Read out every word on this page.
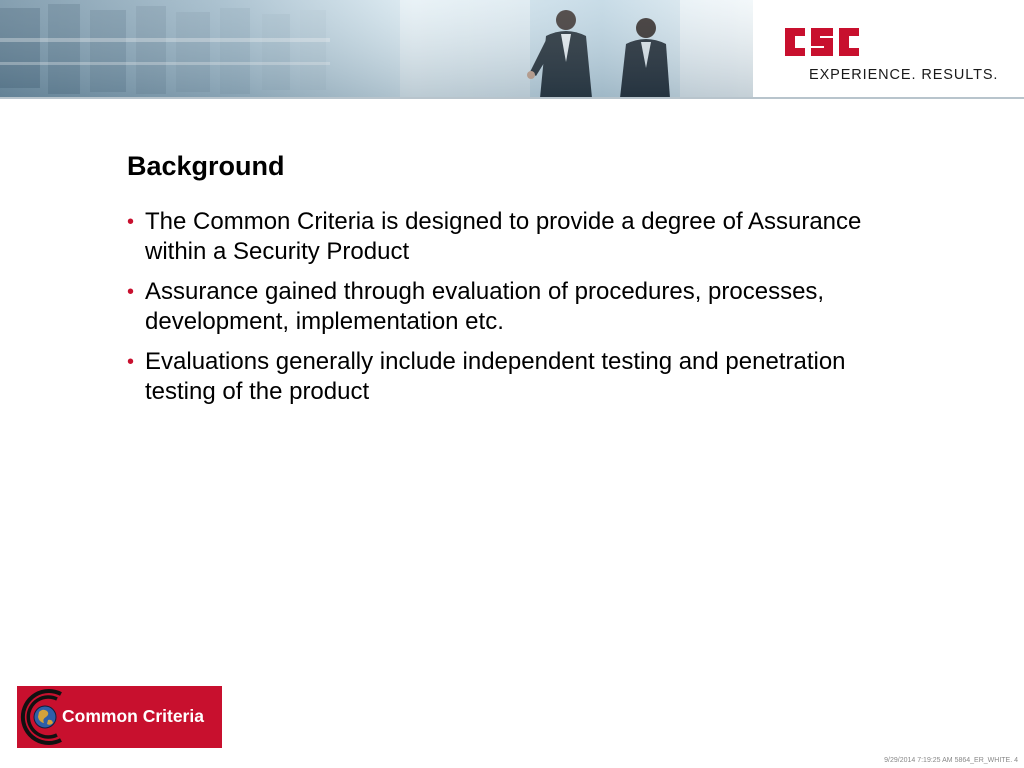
EXPERIENCE. RESULTS.
Background
• The Common Criteria is designed to provide a degree of Assurance within a Security Product
• Assurance gained through evaluation of procedures, processes, development, implementation etc.
• Evaluations generally include independent testing and penetration testing of the product
Common Criteria
9/29/2014 7:19:25 AM 5864_ER_WHITE. 4
